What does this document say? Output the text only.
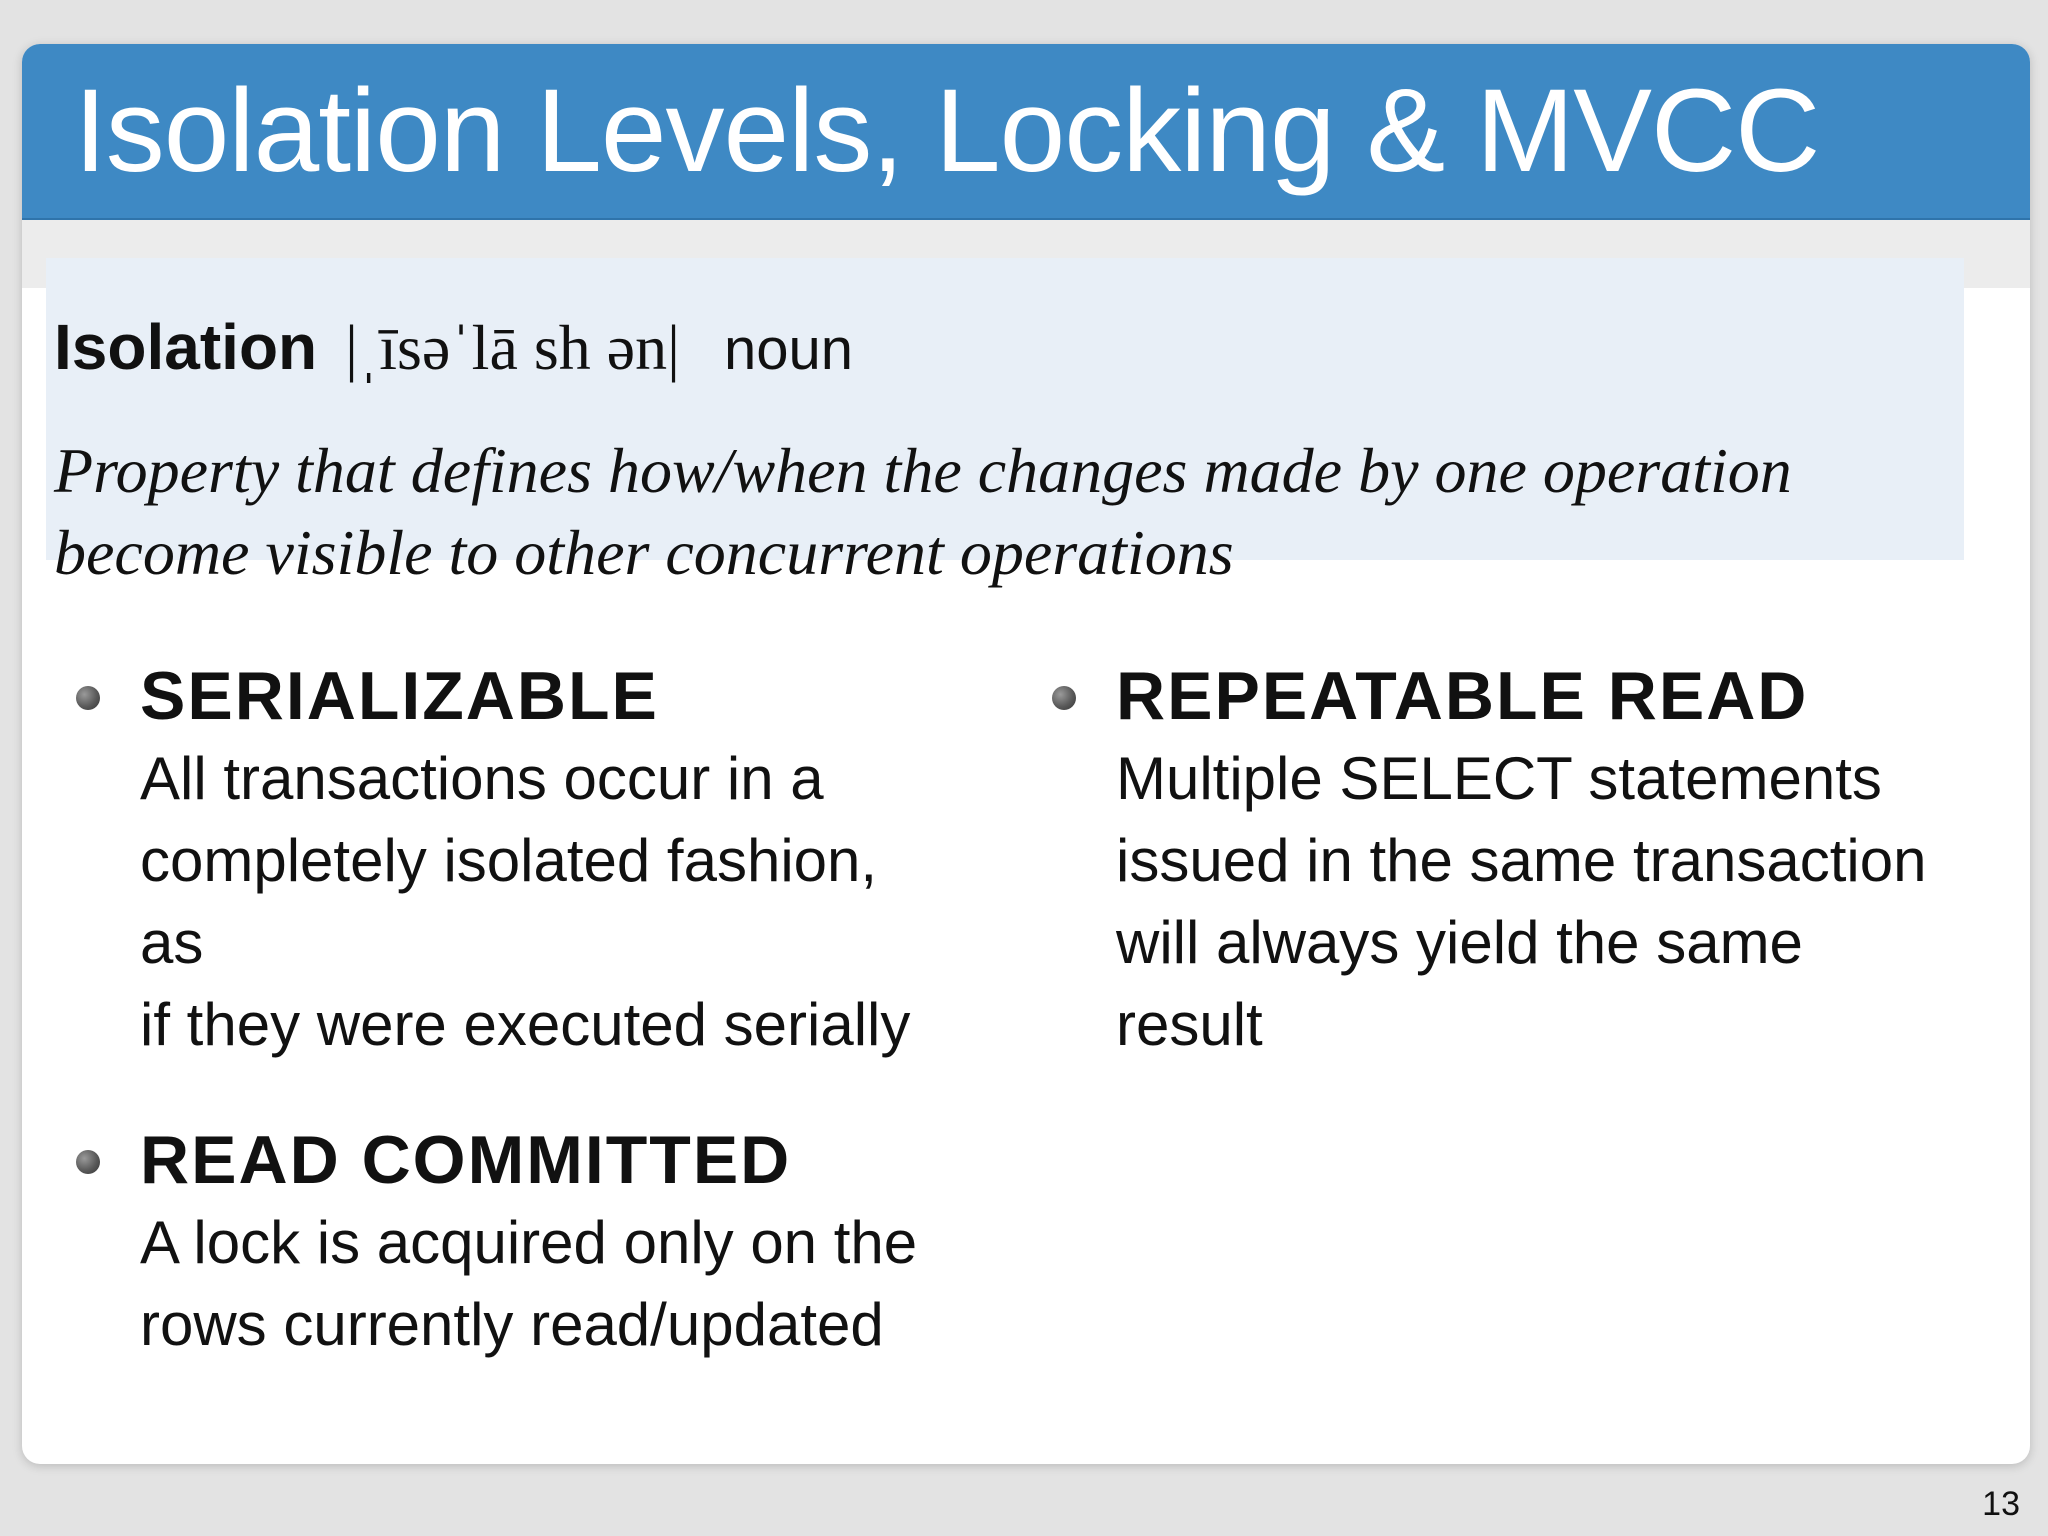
Isolation Levels, Locking & MVCC
Isolation |ˌīsəˈlā sh ən| noun
Property that defines how/when the changes made by one operation
become visible to other concurrent operations
SERIALIZABLE
All transactions occur in a
completely isolated fashion, as
if they were executed serially
REPEATABLE READ
Multiple SELECT statements
issued in the same transaction
will always yield the same
result
READ COMMITTED
A lock is acquired only on the
rows currently read/updated
13
